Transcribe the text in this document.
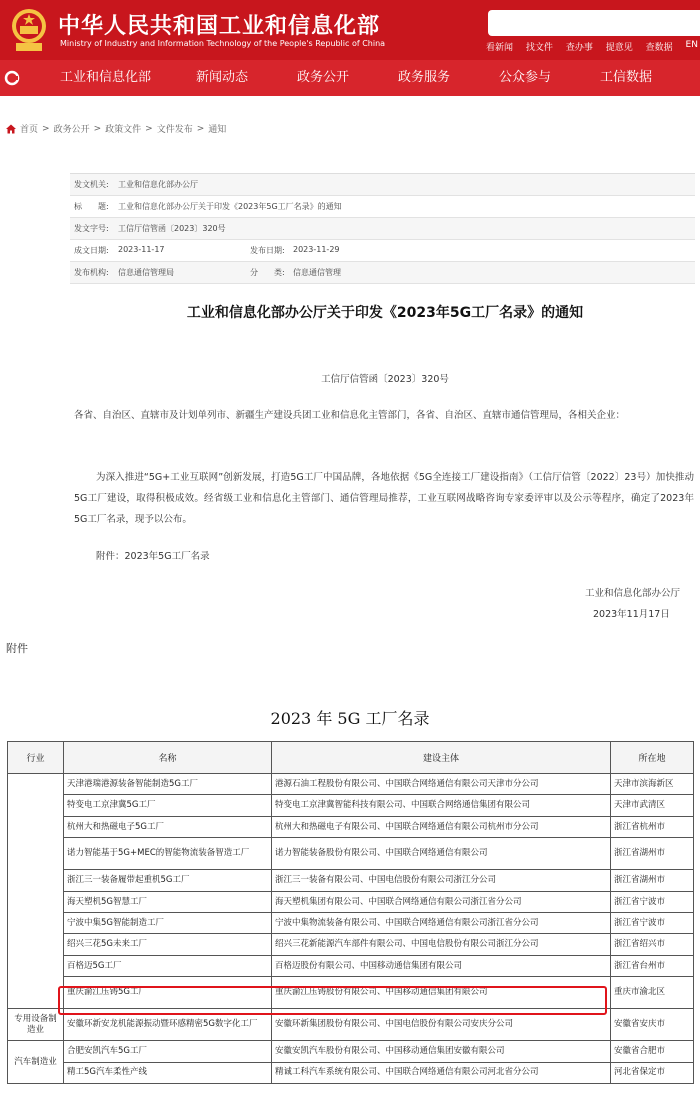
中华人民共和国工业和信息化部
Ministry of Industry and Information Technology of the People's Republic of China	看新闻 找文件 查办事 提意见 查数据 EN
工业和信息化部	新闻动态	政务公开	政务服务	公众参与	工信数据
首页 > 政务公开 > 政策文件 > 文件发布 > 通知
发文机关: 工业和信息化部办公厅
标　　题: 工业和信息化部办公厅关于印发《2023年5G工厂名录》的通知
发文字号: 工信厅信管函〔2023〕320号
成文日期: 2023-11-17	发布日期: 2023-11-29
发布机构: 信息通信管理局	分　　类: 信息通信管理
工业和信息化部办公厅关于印发《2023年5G工厂名录》的通知
工信厅信管函〔2023〕320号
各省、自治区、直辖市及计划单列市、新疆生产建设兵团工业和信息化主管部门，各省、自治区、直辖市通信管理局，各相关企业：
为深入推进“5G+工业互联网”创新发展，打造5G工厂中国品牌，各地依据《5G全连接工厂建设指南》（工信厅信管〔2022〕23号）加快推动5G工厂建设，取得积极成效。经省级工业和信息化主管部门、通信管理局推荐，工业互联网战略咨询专家委评审以及公示等程序，确定了2023年5G工厂名录，现予以公布。
附件：2023年5G工厂名录
工业和信息化部办公厅
2023年11月17日
附件
2023 年 5G 工厂名录
行业	名称	建设主体	所在地
	天津港瑞港源装备智能制造5G工厂	港源石油工程股份有限公司、中国联合网络通信有限公司天津市分公司	天津市滨海新区
	特变电工京津冀5G工厂	特变电工京津冀智能科技有限公司、中国联合网络通信集团有限公司	天津市武清区
	杭州大和热磁电子5G工厂	杭州大和热磁电子有限公司、中国联合网络通信有限公司杭州市分公司	浙江省杭州市
	诺力智能基于5G+MEC的智能物流装备智造工厂	诺力智能装备股份有限公司、中国联合网络通信有限公司	浙江省湖州市
	浙江三一装备履带起重机5G工厂	浙江三一装备有限公司、中国电信股份有限公司浙江分公司	浙江省湖州市
	海天塑机5G智慧工厂	海天塑机集团有限公司、中国联合网络通信有限公司浙江省分公司	浙江省宁波市
	宁波中集5G智能制造工厂	宁波中集物流装备有限公司、中国联合网络通信有限公司浙江省分公司	浙江省宁波市
	绍兴三花5G未来工厂	绍兴三花新能源汽车部件有限公司、中国电信股份有限公司浙江分公司	浙江省绍兴市
	百格迈5G工厂	百格迈股份有限公司、中国移动通信集团有限公司	浙江省台州市
	重庆渝江压铸5G工厂	重庆渝江压铸股份有限公司、中国移动通信集团有限公司	重庆市渝北区
专用设备制造业	安徽环新安龙机能源振动暨环感精密5G数字化工厂	安徽环新集团股份有限公司、中国电信股份有限公司安庆分公司	安徽省安庆市
汽车制造业	合肥安凯汽车5G工厂	安徽安凯汽车股份有限公司、中国移动通信集团安徽有限公司	安徽省合肥市
	精工5G汽车柔性产线	精诚工科汽车系统有限公司、中国联合网络通信有限公司河北省分公司	河北省保定市
